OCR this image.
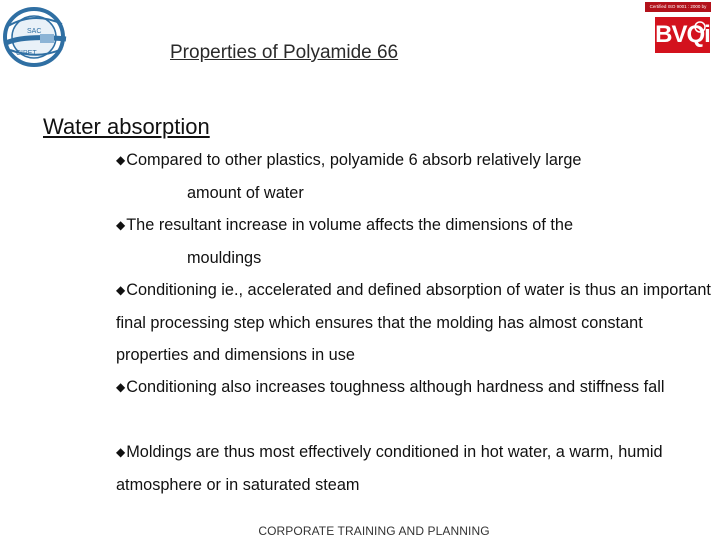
SAC
CIPET
Certified ISO 9001 : 2000 by
BVQi
Properties of Polyamide 66
Water absorption
◆Compared to other plastics, polyamide 6 absorb relatively large
amount of water
◆The resultant increase in volume affects the dimensions of the
mouldings
◆Conditioning ie., accelerated and defined absorption of water is thus an important final processing step which ensures that the molding has almost constant properties and dimensions in use
◆Conditioning also increases toughness although hardness and stiffness fall
◆Moldings are thus most effectively conditioned in hot water, a warm, humid atmosphere or in saturated steam
CORPORATE TRAINING AND PLANNING
